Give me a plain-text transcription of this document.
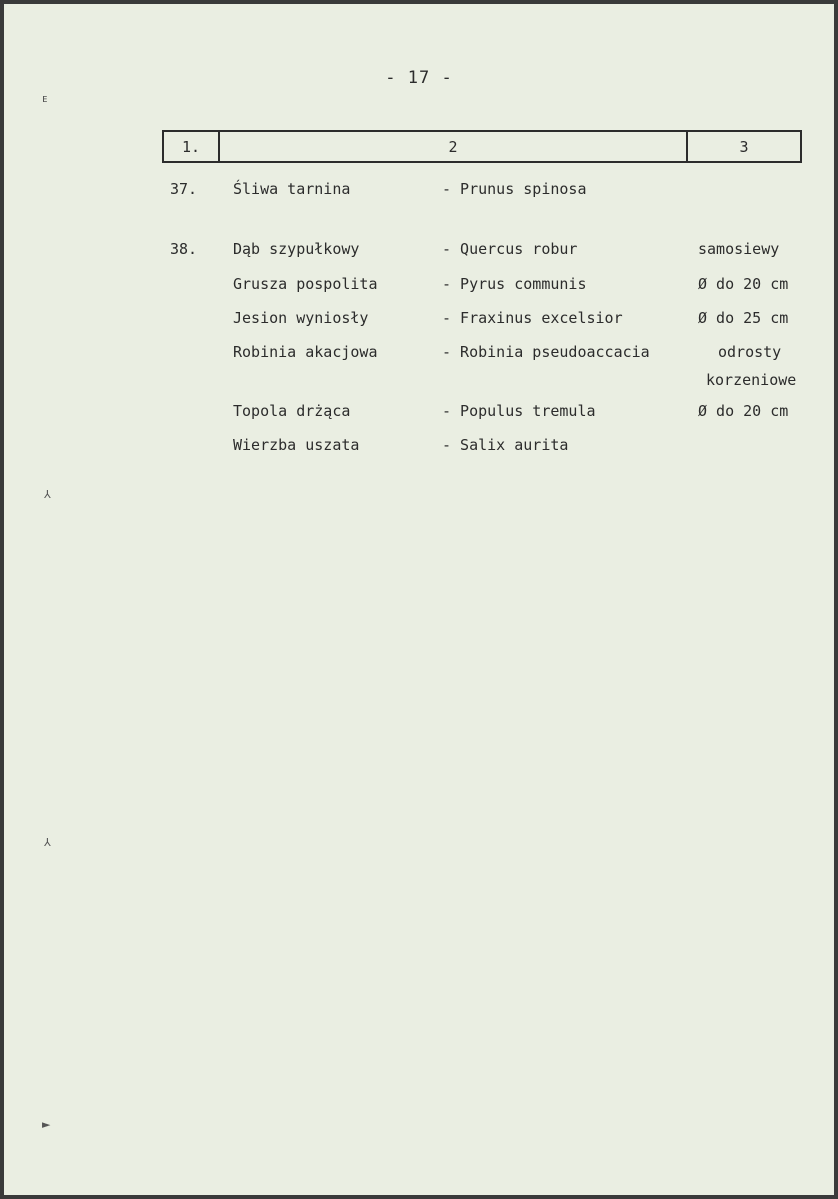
- 17 -
ᴇ
⅄
⅄
►
1.	2	3
37. Śliwa tarnina	- Prunus spinosa
38. Dąb szypułkowy	- Quercus robur	samosiewy
Grusza pospolita	- Pyrus communis	Ø do 20 cm
Jesion wyniosły	- Fraxinus excelsior	Ø do 25 cm
Robinia akacjowa	- Robinia pseudoaccacia	odrosty
korzeniowe
Topola drżąca	- Populus tremula	Ø do 20 cm
Wierzba uszata	- Salix aurita
